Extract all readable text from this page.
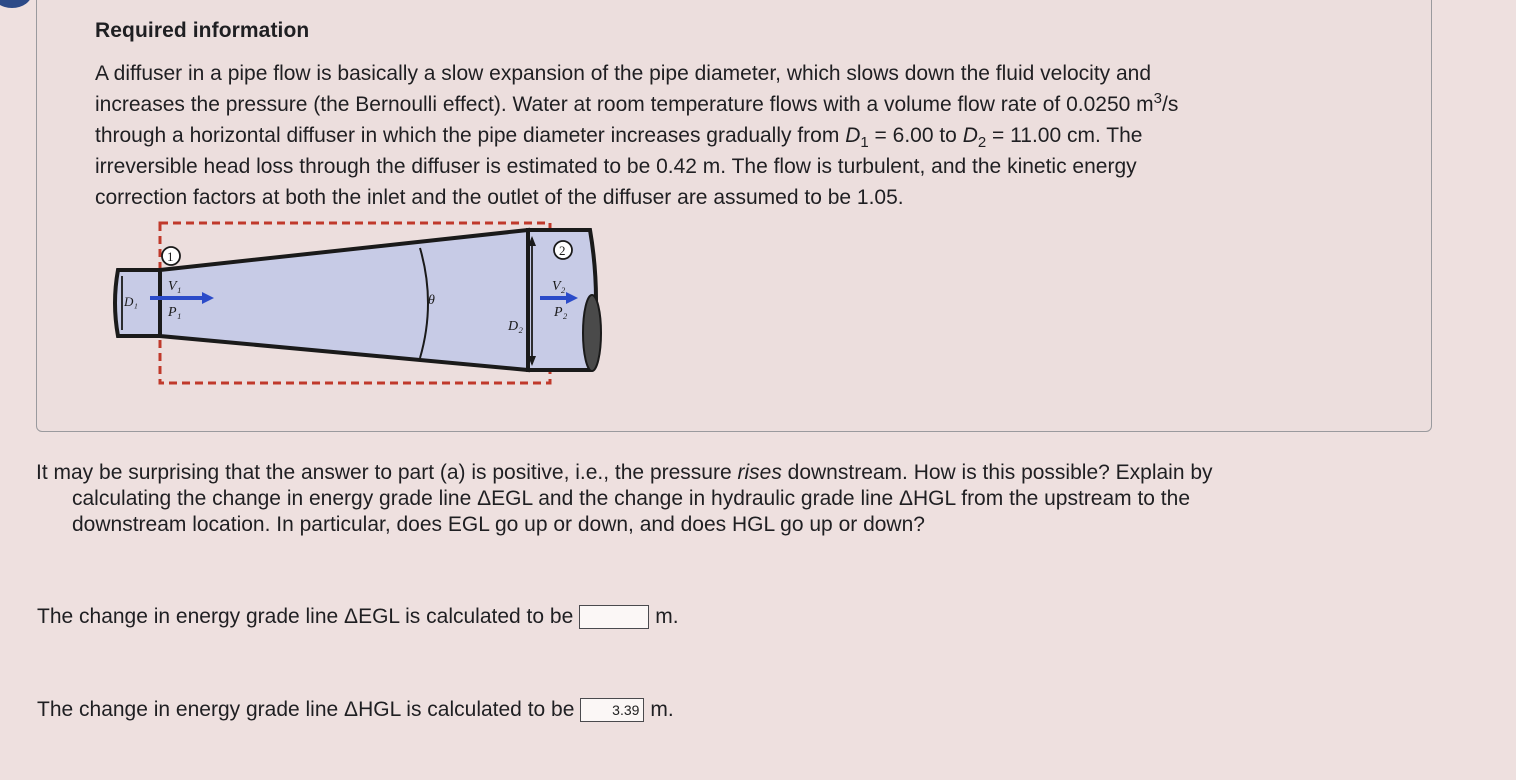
Required information
A diffuser in a pipe flow is basically a slow expansion of the pipe diameter, which slows down the fluid velocity and
increases the pressure (the Bernoulli effect). Water at room temperature flows with a volume flow rate of 0.0250 $m^3/s$
through a horizontal diffuser in which the pipe diameter increases gradually from $D_1 = 6.00$ to $D_2 = 11.00$ cm. The
irreversible head loss through the diffuser is estimated to be 0.42 m. The flow is turbulent, and the kinetic energy
correction factors at both the inlet and the outlet of the diffuser are assumed to be 1.05.
θ
D₂
D₁
1
V₁
P₁
2
V₂
P₂
It may be surprising that the answer to part (a) is positive, i.e., the pressure rises downstream. How is this possible? Explain by
calculating the change in energy grade line ΔEGL and the change in hydraulic grade line ΔHGL from the upstream to the
downstream location. In particular, does EGL go up or down, and does HGL go up or down?
The change in energy grade line ΔEGL is calculated to be	m.
The change in energy grade line ΔHGL is calculated to be	3.39 m.
